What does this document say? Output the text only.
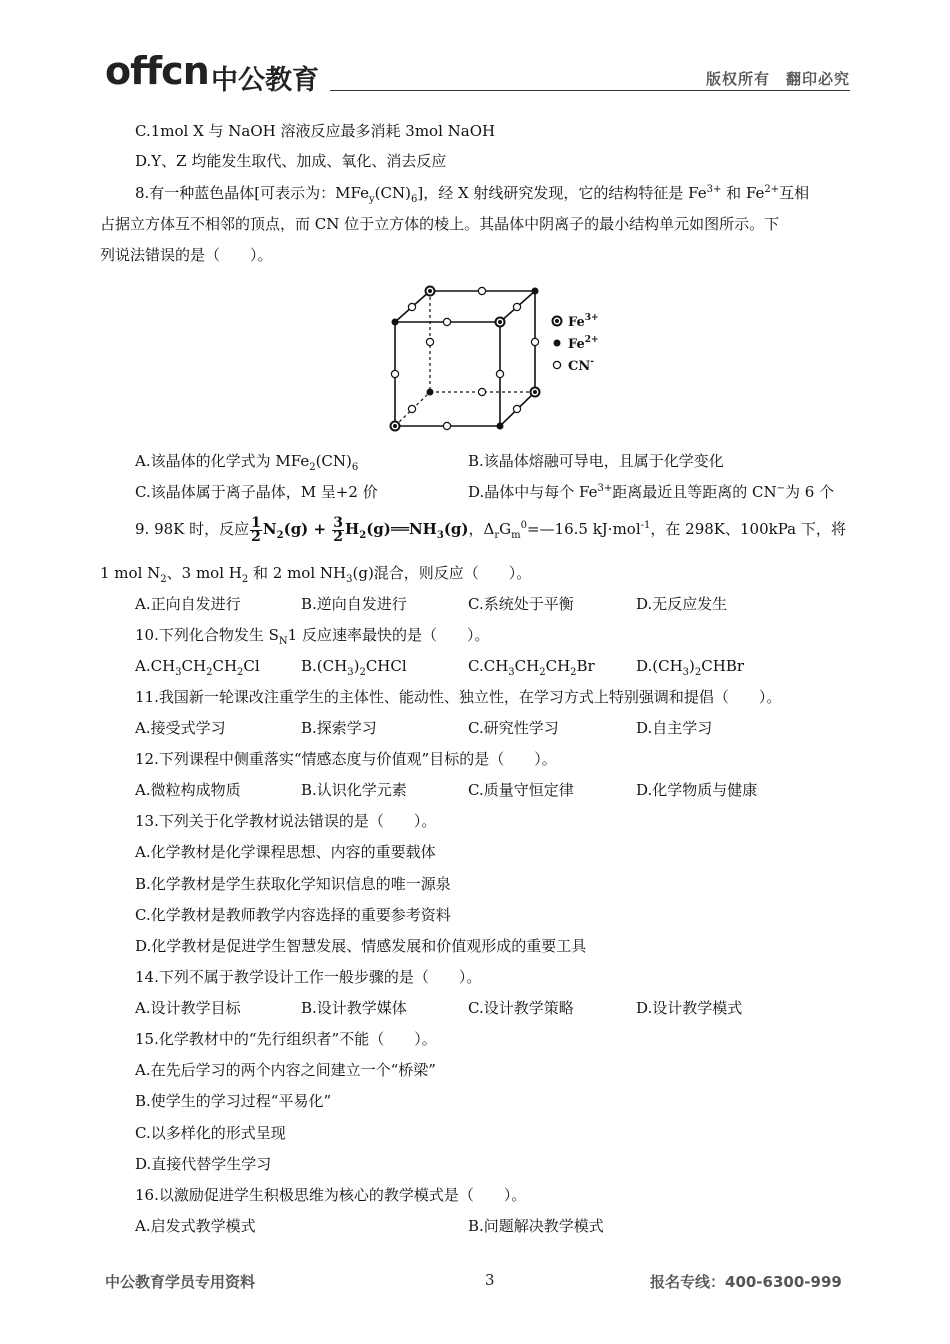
offcn 中公教育	版权所有　翻印必究
C.1mol X 与 NaOH 溶液反应最多消耗 3mol NaOH
D.Y、Z 均能发生取代、加成、氧化、消去反应
8.有一种蓝色晶体[可表示为：$MFe_y(CN)_6$]，经 X 射线研究发现，它的结构特征是 $Fe^{3+}$ 和 $Fe^{2+}$互相
占据立方体互不相邻的顶点，而 CN 位于立方体的棱上。其晶体中阴离子的最小结构单元如图所示。下
列说法错误的是（　　）。
$Fe^{3+}$
$Fe^{2+}$
CN-
A.该晶体的化学式为 $MFe_2(CN)_6$	B.该晶体熔融可导电，且属于化学变化
C.该晶体属于离子晶体，M 呈+2 价	D.晶体中与每个 $Fe^{3+}$距离最近且等距离的 CN−为 6 个
9. 98K 时，反应 $\frac{1}{2} N_2(g) + \frac{3}{2}$ $H_2(g)══NH_3(g)$，$\Delta_rG_m^0=—16.5$ kJ·mol$^{-1}$，在 298K、100kPa 下，将
1 mol $N_2$、3 mol $H_2$ 和 2 mol $NH_3(g)$混合，则反应（　　）。
A.正向自发进行	B.逆向自发进行	C.系统处于平衡	D.无反应发生
10.下列化合物发生 $S_N1$ 反应速率最快的是（　　）。
$A.CH_3CH_2CH_2Cl$	$B.(CH_3)_2CHCl$	$C.CH_3CH_2CH_2Br$	$D.(CH_3)_2CHBr$
11.我国新一轮课改注重学生的主体性、能动性、独立性，在学习方式上特别强调和提倡（　　）。
A.接受式学习	B.探索学习	C.研究性学习	D.自主学习
12.下列课程中侧重落实“情感态度与价值观”目标的是（　　）。
A.微粒构成物质	B.认识化学元素	C.质量守恒定律	D.化学物质与健康
13.下列关于化学教材说法错误的是（　　）。
A.化学教材是化学课程思想、内容的重要载体
B.化学教材是学生获取化学知识信息的唯一源泉
C.化学教材是教师教学内容选择的重要参考资料
D.化学教材是促进学生智慧发展、情感发展和价值观形成的重要工具
14.下列不属于教学设计工作一般步骤的是（　　）。
A.设计教学目标	B.设计教学媒体	C.设计教学策略	D.设计教学模式
15.化学教材中的“先行组织者”不能（　　）。
A.在先后学习的两个内容之间建立一个“桥梁”
B.使学生的学习过程“平易化”
C.以多样化的形式呈现
D.直接代替学生学习
16.以激励促进学生积极思维为核心的教学模式是（　　）。
A.启发式教学模式	B.问题解决教学模式
中公教育学员专用资料	3	报名专线：400-6300-999
